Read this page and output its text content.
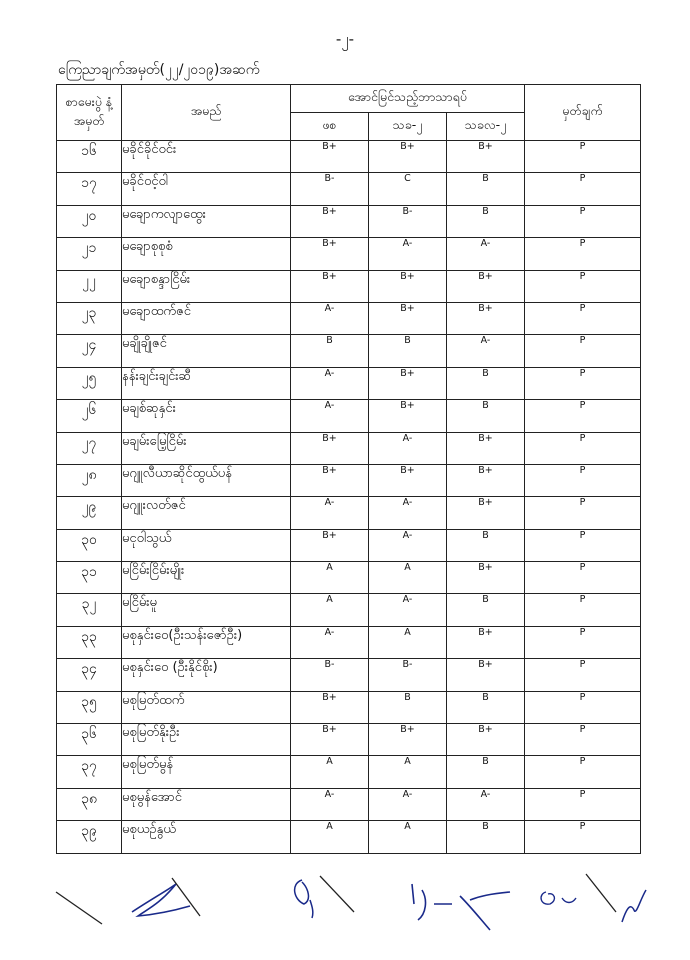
-၂-
ကြေညာချက်အမှတ်(၂၂/၂၀၁၉)အဆက်
စာမေးပွဲ နံ့အမှတ်	အမည်	အောင်မြင်သည့်ဘာသာရပ်			မှတ်ချက်
		ဖစ	သခ-၂	သခလ-၂	
၁၆	မခိုင်ခိုင်ဝင်း	B+	B+	B+	P
၁၇	မခိုင်ဝင့်ဝါ	B-	C	B	P
၂၀	မချောကလျာထွေး	B+	B-	B	P
၂၁	မချောစုစုစံ	B+	A-	A-	P
၂၂	မချောစန္ဒာငြိမ်း	B+	B+	B+	P
၂၃	မချောထက်ဇင်	A-	B+	B+	P
၂၄	မချိုချိုဇင်	B	B	A-	P
၂၅	နန်းချင်းချင်းဆီ	A-	B+	B	P
၂၆	မချစ်ဆုနှင်း	A-	B+	B	P
၂၇	မချမ်းမြေ့ငြိမ်း	B+	A-	B+	P
၂၈	မဂျူလီယာဆိုင်ထွယ်ပန်	B+	B+	B+	P
၂၉	မဂျူးလတ်ဇင်	A-	A-	B+	P
၃၀	မငုဝါသွယ်	B+	A-	B	P
၃၁	မငြိမ်းငြိမ်းမျိုး	A	A	B+	P
၃၂	မငြိမ်းမူ	A	A-	B	P
၃၃	မစုနှင်းဝေ(ဦးသန်းဇော်ဦး)	A-	A	B+	P
၃၄	မစုနှင်းဝေ (ဦးနိုင်စိုး)	B-	B-	B+	P
၃၅	မစုမြတ်ထက်	B+	B	B	P
၃၆	မစုမြတ်နိုးဦး	B+	B+	B+	P
၃၇	မစုမြတ်မွန်	A	A	B	P
၃၈	မစုမွန်အောင်	A-	A-	A-	P
၃၉	မစုယဉ်နွယ်	A	A	B	P
